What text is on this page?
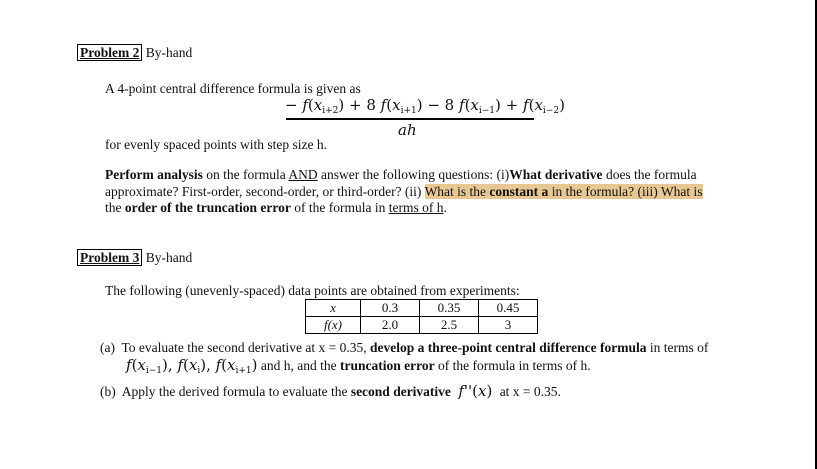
Problem 2 By-hand
A 4-point central difference formula is given as
− $f(x_{i+2}) + 8$ $f(x_{i+1}) - 8$ $f(x_{i-1}) + f(x_{i-2})$
ah
for evenly spaced points with step size h.
Perform analysis on the formula AND answer the following questions: (i)What derivative does the formula
approximate? First-order, second-order, or third-order? (ii) What is the constant a in the formula? (iii) What is
the order of the truncation error of the formula in terms of h.
Problem 3 By-hand
The following (unevenly-spaced) data points are obtained from experiments:
x	0.3	0.35	0.45
f(x)	2.0	2.5	3
(a) To evaluate the second derivative at x = 0.35, develop a three-point central difference formula in terms of
$f(x_{i-1})$, $f(x_i)$, $f(x_{i+1})$ and h, and the truncation error of the formula in terms of h.
(b) Apply the derived formula to evaluate the second derivative f''(x) at x = 0.35.
